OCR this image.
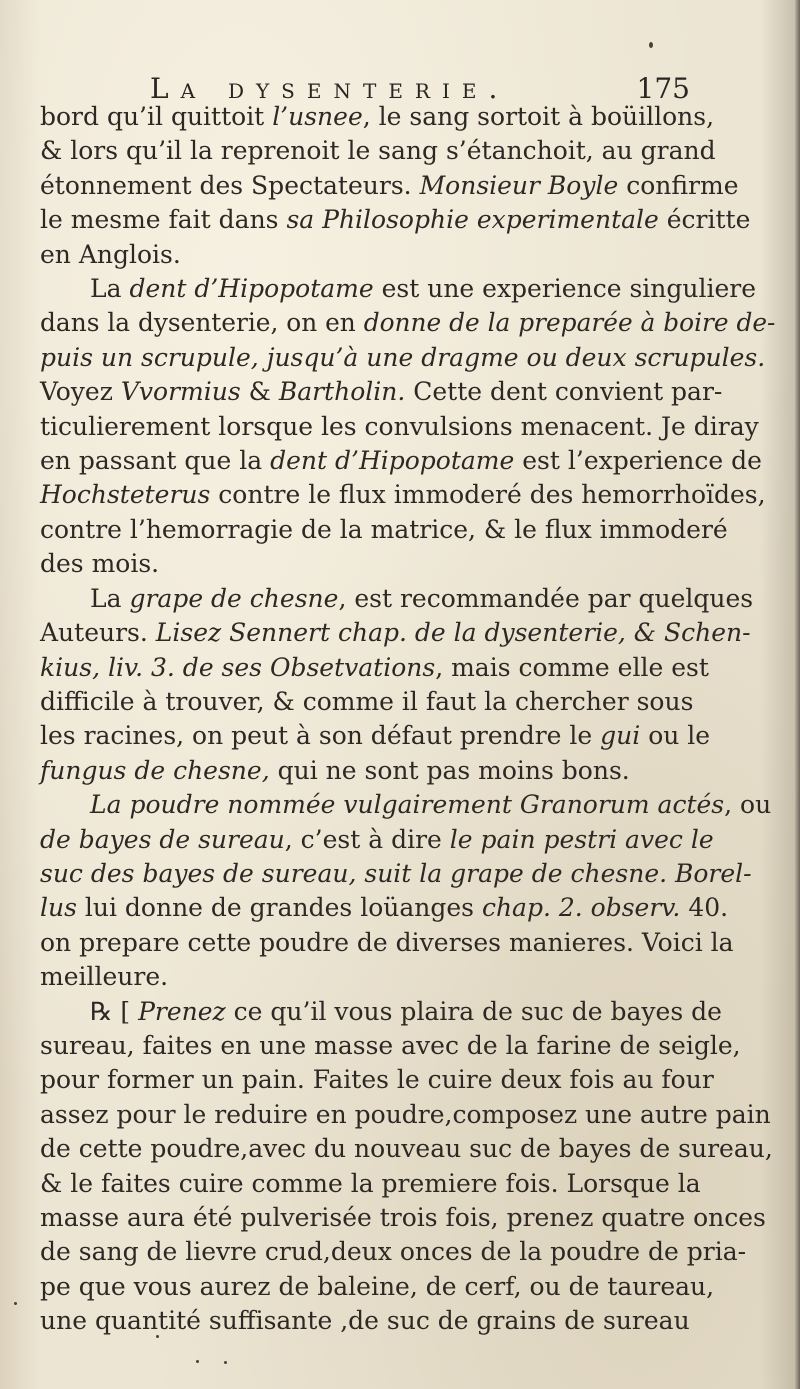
La dysenterie.	175
bord qu’il quittoit l’usnee, le sang sortoit à boüillons,
& lors qu’il la reprenoit le sang s’étanchoit, au grand
étonnement des Spectateurs. Monsieur Boyle confirme
le mesme fait dans sa Philosophie experimentale écritte
en Anglois.
  La dent d’Hipopotame est une experience singuliere
dans la dysenterie, on en donne de la preparée à boire de-
puis un scrupule, jusqu’à une dragme ou deux scrupules.
Voyez Vvormius & Bartholin. Cette dent convient par-
ticulierement lorsque les convulsions menacent. Je diray
en passant que la dent d’Hipopotame est l’experience de
Hochsteterus contre le flux immoderé des hemorrhoïdes,
contre l’hemorragie de la matrice, & le flux immoderé
des mois.
  La grape de chesne, est recommandée par quelques
Auteurs. Lisez Sennert chap. de la dysenterie, & Schen-
kius, liv. 3. de ses Obsetvations, mais comme elle est
difficile à trouver, & comme il faut la chercher sous
les racines, on peut à son défaut prendre le gui ou le
fungus de chesne, qui ne sont pas moins bons.
  La poudre nommée vulgairement Granorum actés, ou
de bayes de sureau, c’est à dire le pain pestri avec le
suc des bayes de sureau, suit la grape de chesne. Borel-
lus lui donne de grandes loüanges chap. 2. observ. 40.
on prepare cette poudre de diverses manieres. Voici la
meilleure.
  ℞ [ Prenez ce qu’il vous plaira de suc de bayes de
sureau, faites en une masse avec de la farine de seigle,
pour former un pain. Faites le cuire deux fois au four
assez pour le reduire en poudre,composez une autre pain
de cette poudre,avec du nouveau suc de bayes de sureau,
& le faites cuire comme la premiere fois. Lorsque la
masse aura été pulverisée trois fois, prenez quatre onces
de sang de lievre crud,deux onces de la poudre de pria-
pe que vous aurez de baleine, de cerf, ou de taureau,
une quantité suffisante ,de suc de grains de sureau
